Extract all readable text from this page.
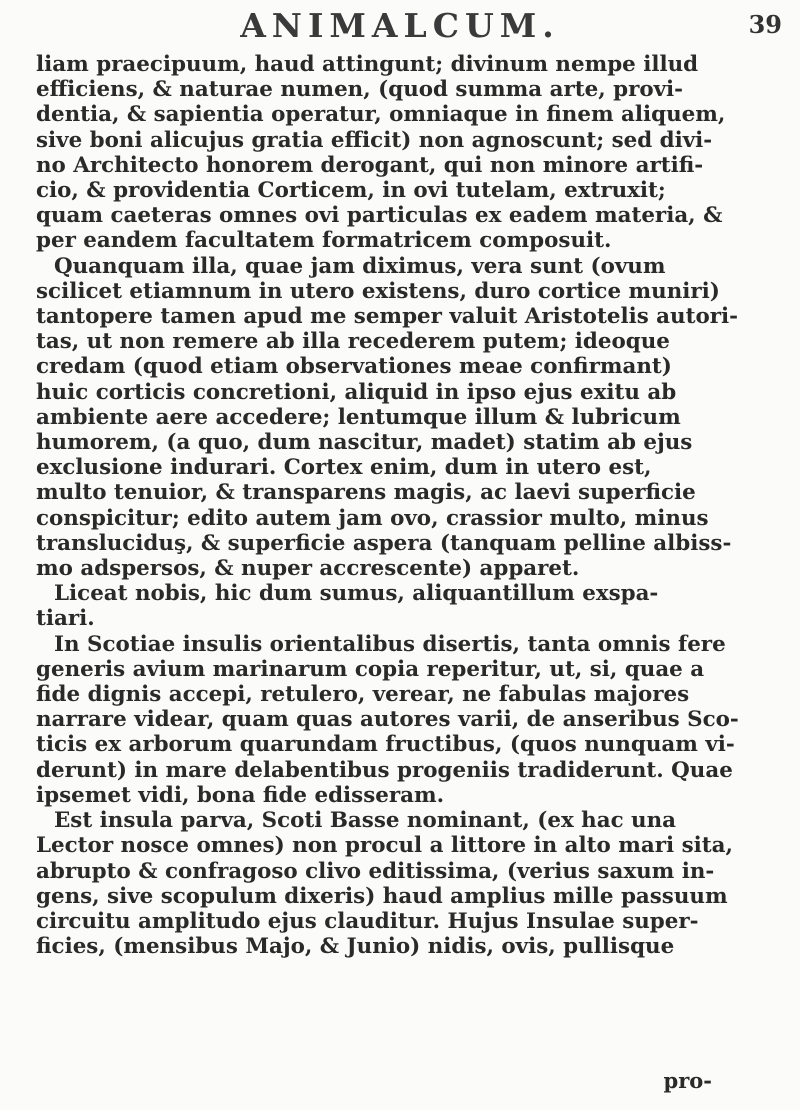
ANIMALCUM.	39
liam praecipuum, haud attingunt; divinum nempe illud
efficiens, & naturae numen, (quod summa arte, provi-
dentia, & sapientia operatur, omniaque in finem aliquem,
sive boni alicujus gratia efficit) non agnoscunt; sed divi-
no Architecto honorem derogant, qui non minore artifi-
cio, & providentia Corticem, in ovi tutelam, extruxit;
quam caeteras omnes ovi particulas ex eadem materia, &
per eandem facultatem formatricem composuit.
Quanquam illa, quae jam diximus, vera sunt (ovum
scilicet etiamnum in utero existens, duro cortice muniri)
tantopere tamen apud me semper valuit Aristotelis autori-
tas, ut non remere ab illa recederem putem; ideoque
credam (quod etiam observationes meae confirmant)
huic corticis concretioni, aliquid in ipso ejus exitu ab
ambiente aere accedere; lentumque illum & lubricum
humorem, (a quo, dum nascitur, madet) statim ab ejus
exclusione indurari. Cortex enim, dum in utero est,
multo tenuior, & transparens magis, ac laevi superficie
conspicitur; edito autem jam ovo, crassior multo, minus
transluciduş, & superficie aspera (tanquam pelline albiss-
mo adspersos, & nuper accrescente) apparet.
Liceat nobis, hic dum sumus, aliquantillum exspa-
tiari.
In Scotiae insulis orientalibus disertis, tanta omnis fere
generis avium marinarum copia reperitur, ut, si, quae a
fide dignis accepi, retulero, verear, ne fabulas majores
narrare videar, quam quas autores varii, de anseribus Sco-
ticis ex arborum quarundam fructibus, (quos nunquam vi-
derunt) in mare delabentibus progeniis tradiderunt. Quae
ipsemet vidi, bona fide edisseram.
Est insula parva, Scoti Basse nominant, (ex hac una
Lector nosce omnes) non procul a littore in alto mari sita,
abrupto & confragoso clivo editissima, (verius saxum in-
gens, sive scopulum dixeris) haud amplius mille passuum
circuitu amplitudo ejus clauditur. Hujus Insulae super-
ficies, (mensibus Majo, & Junio) nidis, ovis, pullisque
pro-
